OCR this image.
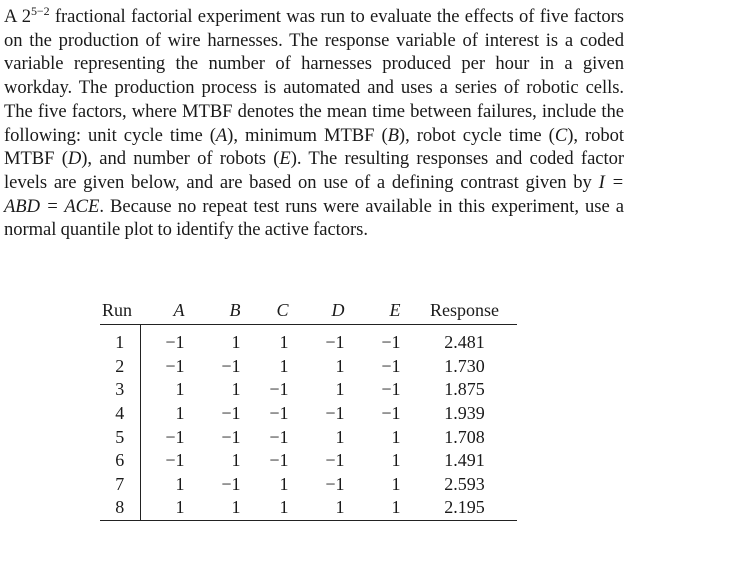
A $2^{5-2}$ fractional factorial experiment was run to evaluate the effects of five factors on the production of wire harnesses. The response variable of interest is a coded variable representing the number of harnesses produced per hour in a given workday. The production process is automated and uses a series of robotic cells. The five factors, where MTBF denotes the mean time between failures, include the following: unit cycle time (A), minimum MTBF (B), robot cycle time (C), robot MTBF (D), and number of robots (E). The resulting responses and coded factor levels are given below, and are based on use of a defining contrast given by I = ABD = ACE. Because no repeat test runs were available in this experiment, use a normal quantile plot to identify the active factors.
Run	A	B	C	D	E	Response
1	−1	1	1	−1	−1	2.481
2	−1	−1	1	1	−1	1.730
3	1	1	−1	1	−1	1.875
4	1	−1	−1	−1	−1	1.939
5	−1	−1	−1	1	1	1.708
6	−1	1	−1	−1	1	1.491
7	1	−1	1	−1	1	2.593
8	1	1	1	1	1	2.195
